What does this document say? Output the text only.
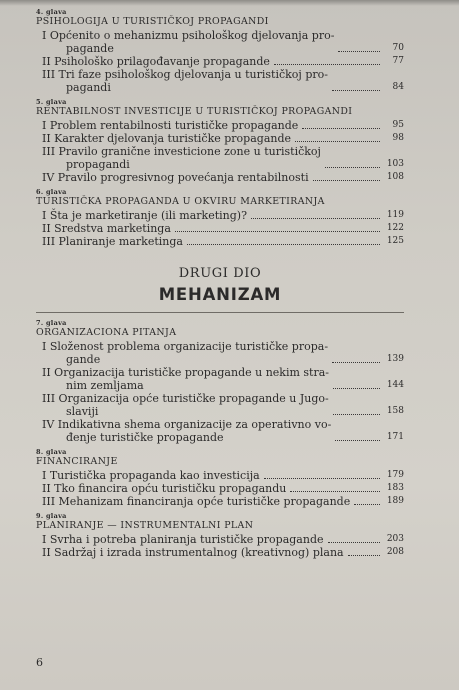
4. glava
PSIHOLOGIJA U TURISTIČKOJ PROPAGANDI
I Općenito o mehanizmu psihološkog djelovanja pro-
pagande	70
II Psihološko prilagođavanje propagande	77
III Tri faze psihološkog djelovanja u turističkoj pro-
pagandi	84
5. glava
RENTABILNOST INVESTICIJE U TURISTIČKOJ PROPAGANDI
I Problem rentabilnosti turističke propagande	95
II Karakter djelovanja turističke propagande	98
III Pravilo granične investicione zone u turističkoj
propagandi	103
IV Pravilo progresivnog povećanja rentabilnosti	108
6. glava
TURISTIČKA PROPAGANDA U OKVIRU MARKETIRANJA
I Šta je marketiranje (ili marketing)?	119
II Sredstva marketinga	122
III Planiranje marketinga	125
DRUGI DIO
MEHANIZAM
7. glava
ORGANIZACIONA PITANJA
I Složenost problema organizacije turističke propa-
gande	139
II Organizacija turističke propagande u nekim stra-
nim zemljama	144
III Organizacija opće turističke propagande u Jugo-
slaviji	158
IV Indikativna shema organizacije za operativno vo-
đenje turističke propagande	171
8. glava
FINANCIRANJE
I Turistička propaganda kao investicija	179
II Tko financira opću turističku propagandu	183
III Mehanizam financiranja opće turističke propagande	189
9. glava
PLANIRANJE — INSTRUMENTALNI PLAN
I Svrha i potreba planiranja turističke propagande	203
II Sadržaj i izrada instrumentalnog (kreativnog) plana	208
6
